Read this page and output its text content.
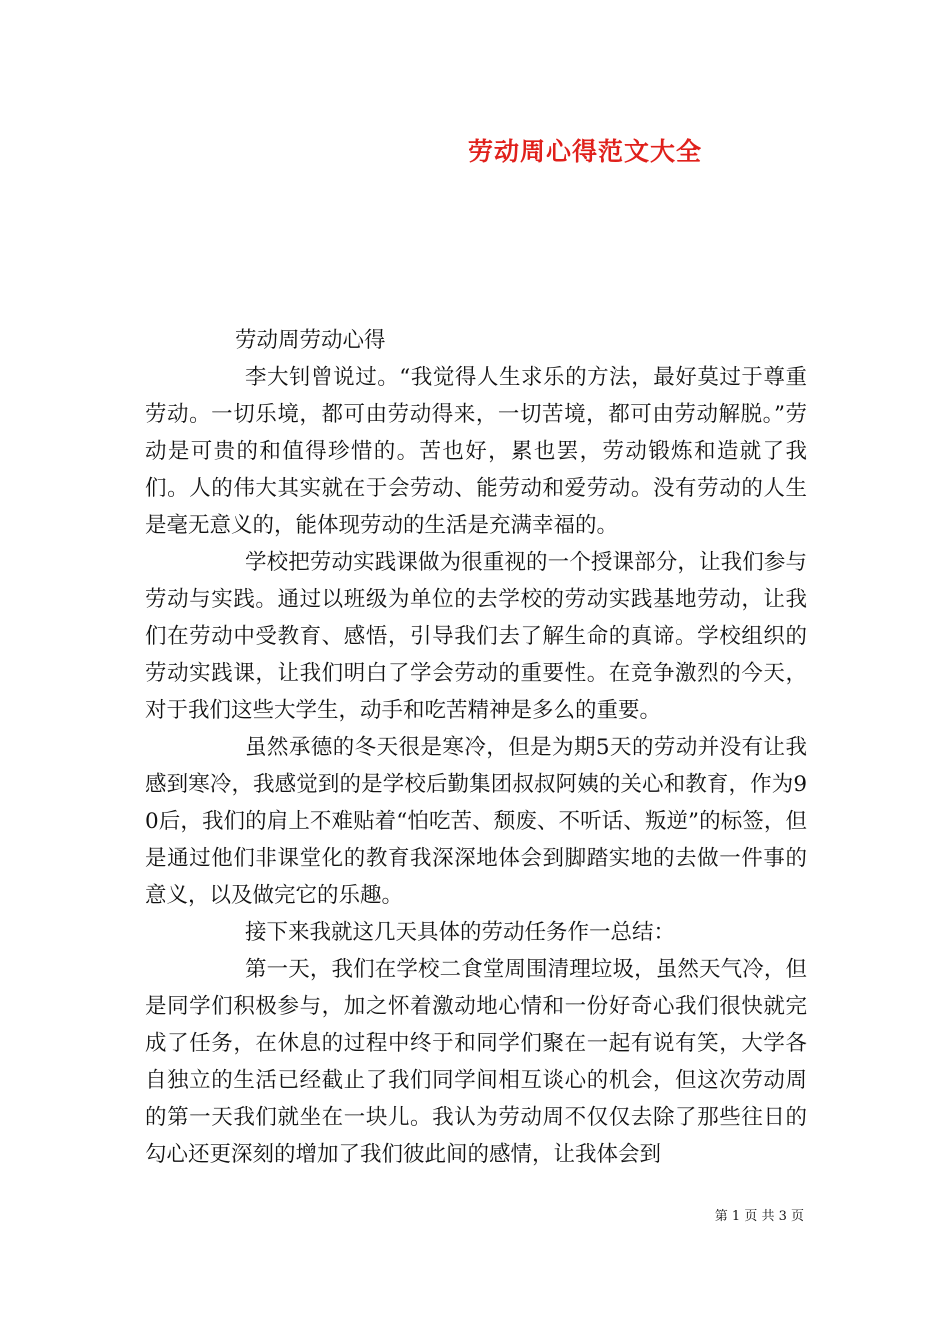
劳动周心得范文大全

劳动周劳动心得

李大钊曾说过。“我觉得人生求乐的方法，最好莫过于尊重劳动。一切乐境，都可由劳动得来，一切苦境，都可由劳动解脱。”劳动是可贵的和值得珍惜的。苦也好，累也罢，劳动锻炼和造就了我们。人的伟大其实就在于会劳动、能劳动和爱劳动。没有劳动的人生是毫无意义的，能体现劳动的生活是充满幸福的。

学校把劳动实践课做为很重视的一个授课部分，让我们参与劳动与实践。通过以班级为单位的去学校的劳动实践基地劳动，让我们在劳动中受教育、感悟，引导我们去了解生命的真谛。学校组织的劳动实践课，让我们明白了学会劳动的重要性。在竞争激烈的今天，对于我们这些大学生，动手和吃苦精神是多么的重要。

虽然承德的冬天很是寒冷，但是为期5天的劳动并没有让我感到寒冷，我感觉到的是学校后勤集团叔叔阿姨的关心和教育，作为90后，我们的肩上不难贴着“怕吃苦、颓废、不听话、叛逆”的标签，但是通过他们非课堂化的教育我深深地体会到脚踏实地的去做一件事的意义，以及做完它的乐趣。

接下来我就这几天具体的劳动任务作一总结：

第一天，我们在学校二食堂周围清理垃圾，虽然天气冷，但是同学们积极参与，加之怀着激动地心情和一份好奇心我们很快就完成了任务，在休息的过程中终于和同学们聚在一起有说有笑，大学各自独立的生活已经截止了我们同学间相互谈心的机会，但这次劳动周的第一天我们就坐在一块儿。我认为劳动周不仅仅去除了那些往日的勾心还更深刻的增加了我们彼此间的感情，让我体会到

第 1 页 共 3 页
